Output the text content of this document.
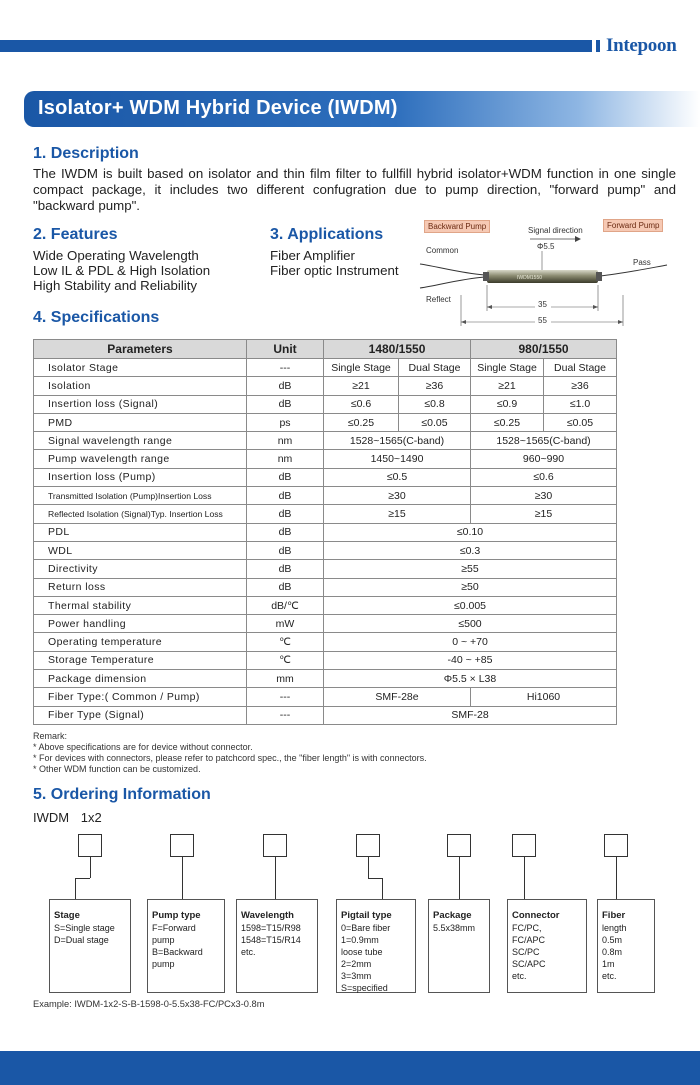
Intepoon
Isolator+ WDM Hybrid Device (IWDM)
1. Description
The IWDM is built based on isolator and thin film filter to fullfill hybrid isolator+WDM function in one single compact package, it includes two different confugration due to pump direction, "forward pump" and "backward pump".
2. Features
Wide Operating Wavelength
Low IL & PDL & High Isolation
High Stability and Reliability
3. Applications
Fiber Amplifier
Fiber optic Instrument
Backward Pump	Forward Pump
Signal direction
Φ5.5
Common
Pass
Reflect
35
55
IWDM1550
4. Specifications
Parameters	Unit	1480/1550		980/1550	
Isolator Stage	---	Single Stage	Dual Stage	Single Stage	Dual Stage
Isolation	dB	≥21	≥36	≥21	≥36
Insertion loss (Signal)	dB	≤0.6	≤0.8	≤0.9	≤1.0
PMD	ps	≤0.25	≤0.05	≤0.25	≤0.05
Signal wavelength range	nm	1528~1565(C-band)		1528~1565(C-band)	
Pump wavelength range	nm	1450~1490		960~990	
Insertion loss (Pump)	dB	≤0.5		≤0.6	
Transmitted Isolation (Pump)Insertion Loss	dB	≥30		≥30	
Reflected Isolation (Signal)Typ. Insertion Loss	dB	≥15		≥15	
PDL	dB	≤0.10			
WDL	dB	≤0.3			
Directivity	dB	≥55			
Return loss	dB	≥50			
Thermal stability	dB/℃	≤0.005			
Power handling	mW	≤500			
Operating temperature	℃	0 ~ +70			
Storage Temperature	℃	-40 ~ +85			
Package dimension	mm	Φ5.5 × L38			
Fiber Type:( Common / Pump)	---	SMF-28e		Hi1060	
Fiber Type (Signal)	---	SMF-28			
Remark:
* Above specifications are for device without connector.
* For devices with connectors, please refer to patchcord spec., the "fiber length" is with connectors.
* Other WDM function can be customized.
5. Ordering Information
IWDM 1x2
Stage
S=Single stage
D=Dual stage
Pump type
F=Forward
pump
B=Backward
pump
Wavelength
1598=T15/R98
1548=T15/R14
etc.
Pigtail type
0=Bare fiber
1=0.9mm
loose tube
2=2mm
3=3mm
S=specified
Package
5.5x38mm
Connector
FC/PC,
FC/APC
SC/PC
SC/APC
etc.
Fiber
length
0.5m
0.8m
1m
etc.
Example: IWDM-1x2-S-B-1598-0-5.5x38-FC/PCx3-0.8m
